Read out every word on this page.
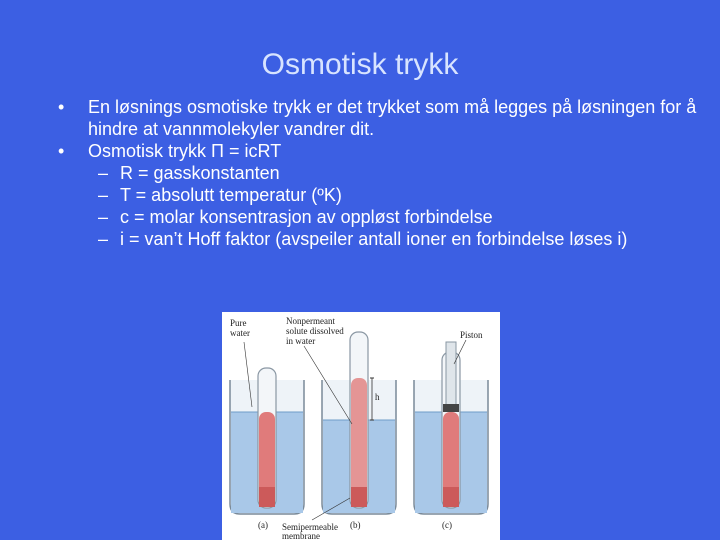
Osmotisk trykk
• En løsnings osmotiske trykk er det trykket som må legges på løsningen for å hindre at vannmolekyler vandrer dit.
• Osmotisk trykk Π = icRT
– R = gasskonstanten
– T = absolutt temperatur (ºK)
– c = molar konsentrasjon av oppløst forbindelse
– i = van’t Hoff faktor (avspeiler antall ioner en forbindelse løses i)
h
Pure
water
Nonpermeant
solute dissolved
in water
Piston
(a)	(b)	(c)
Semipermeable
membrane
